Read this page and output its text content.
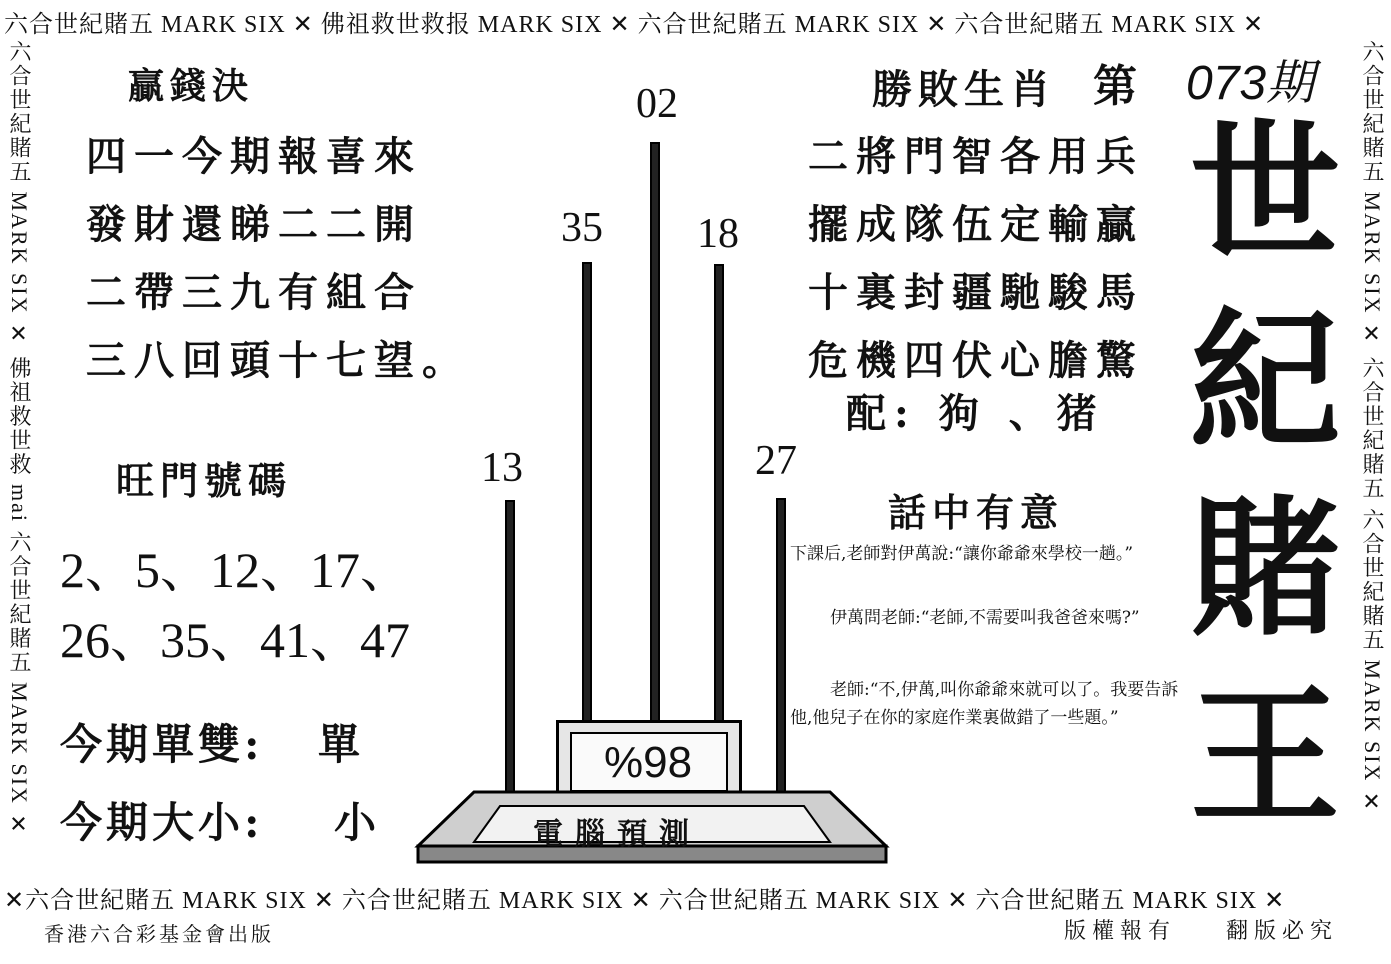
六合世紀賭五 MARK SIX ✕ 佛祖救世救报 MARK SIX ✕ 六合世紀賭五 MARK SIX ✕ 六合世紀賭五 MARK SIX ✕
✕六合世紀賭五 MARK SIX ✕ 六合世紀賭五 MARK SIX ✕ 六合世紀賭五 MARK SIX ✕ 六合世紀賭五 MARK SIX ✕
六合世紀賭五 MARK SIX ✕ 佛祖救世救 mai 六合世紀賭五 MARK SIX ✕	六合世紀賭五 MARK SIX ✕ 六合世紀賭五 六合世紀賭五 MARK SIX ✕
贏錢決
四一今期報喜來
發財還睇二二開
二帶三九有組合
三八回頭十七望。
旺門號碼
2、5、12、17、
26、35、41、47
今期單雙: 單
今期大小: 小
13
35
02
18
27
%98
電腦預測
勝敗生肖 第 073期
二將門智各用兵
擺成隊伍定輸贏
十裏封疆馳駿馬
危機四伏心膽驚
配: 狗 、猪
話中有意
下課后,老師對伊萬說:“讓你爺爺來學校一趟。”
伊萬問老師:“老師,不需要叫我爸爸來嗎?”
老師:“不,伊萬,叫你爺爺來就可以了。我要告訴他,他兒子在你的家庭作業裏做錯了一些題。”
世
紀
賭
王
香港六合彩基金會出版	版權報有 翻版必究
